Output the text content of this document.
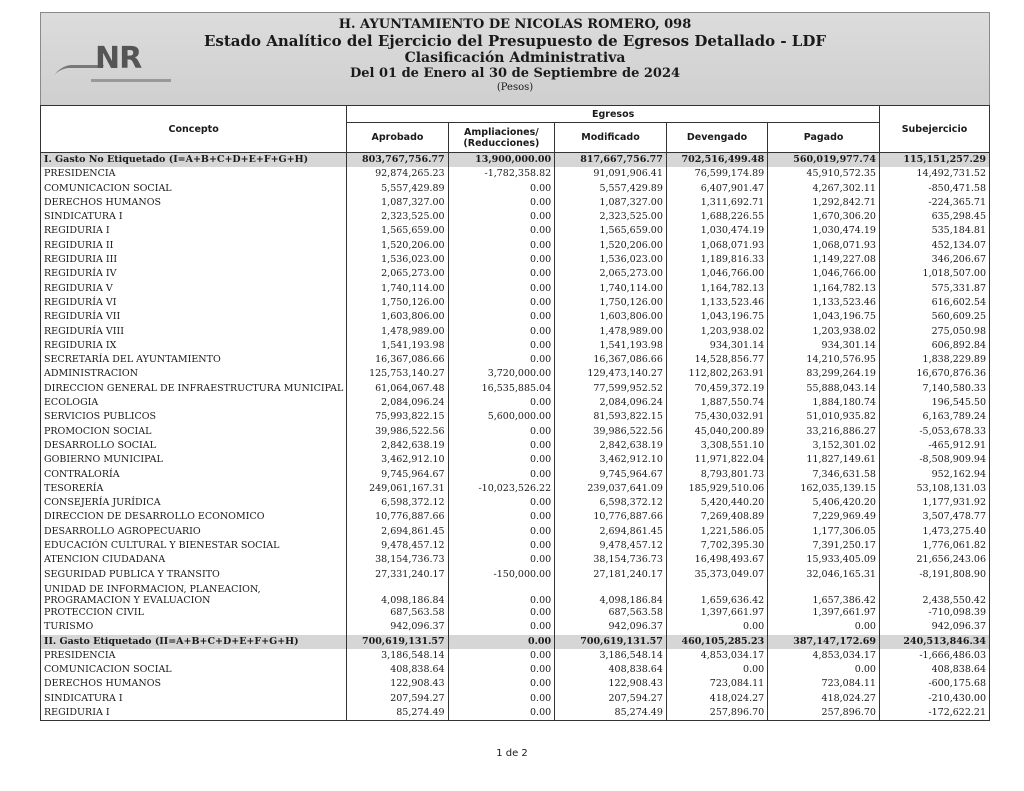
NR
H. AYUNTAMIENTO DE NICOLAS ROMERO, 098
Estado Analítico del Ejercicio del Presupuesto de Egresos Detallado - LDF
Clasificación Administrativa
Del 01 de Enero al 30 de Septiembre de 2024
(Pesos)
Concepto	Egresos					Subejercicio
	Aprobado	Ampliaciones/ (Reducciones)	Modificado	Devengado	Pagado	
I. Gasto No Etiquetado (I=A+B+C+D+E+F+G+H)	803,767,756.77	13,900,000.00	817,667,756.77	702,516,499.48	560,019,977.74	115,151,257.29
PRESIDENCIA	92,874,265.23	-1,782,358.82	91,091,906.41	76,599,174.89	45,910,572.35	14,492,731.52
COMUNICACION SOCIAL	5,557,429.89	0.00	5,557,429.89	6,407,901.47	4,267,302.11	-850,471.58
DERECHOS HUMANOS	1,087,327.00	0.00	1,087,327.00	1,311,692.71	1,292,842.71	-224,365.71
SINDICATURA I	2,323,525.00	0.00	2,323,525.00	1,688,226.55	1,670,306.20	635,298.45
REGIDURIA I	1,565,659.00	0.00	1,565,659.00	1,030,474.19	1,030,474.19	535,184.81
REGIDURIA II	1,520,206.00	0.00	1,520,206.00	1,068,071.93	1,068,071.93	452,134.07
REGIDURIA III	1,536,023.00	0.00	1,536,023.00	1,189,816.33	1,149,227.08	346,206.67
REGIDURÍA IV	2,065,273.00	0.00	2,065,273.00	1,046,766.00	1,046,766.00	1,018,507.00
REGIDURIA V	1,740,114.00	0.00	1,740,114.00	1,164,782.13	1,164,782.13	575,331.87
REGIDURÍA VI	1,750,126.00	0.00	1,750,126.00	1,133,523.46	1,133,523.46	616,602.54
REGIDURÍA VII	1,603,806.00	0.00	1,603,806.00	1,043,196.75	1,043,196.75	560,609.25
REGIDURÍA VIII	1,478,989.00	0.00	1,478,989.00	1,203,938.02	1,203,938.02	275,050.98
REGIDURIA IX	1,541,193.98	0.00	1,541,193.98	934,301.14	934,301.14	606,892.84
SECRETARÍA DEL AYUNTAMIENTO	16,367,086.66	0.00	16,367,086.66	14,528,856.77	14,210,576.95	1,838,229.89
ADMINISTRACION	125,753,140.27	3,720,000.00	129,473,140.27	112,802,263.91	83,299,264.19	16,670,876.36
DIRECCION GENERAL DE INFRAESTRUCTURA MUNICIPAL	61,064,067.48	16,535,885.04	77,599,952.52	70,459,372.19	55,888,043.14	7,140,580.33
ECOLOGIA	2,084,096.24	0.00	2,084,096.24	1,887,550.74	1,884,180.74	196,545.50
SERVICIOS PUBLICOS	75,993,822.15	5,600,000.00	81,593,822.15	75,430,032.91	51,010,935.82	6,163,789.24
PROMOCION SOCIAL	39,986,522.56	0.00	39,986,522.56	45,040,200.89	33,216,886.27	-5,053,678.33
DESARROLLO SOCIAL	2,842,638.19	0.00	2,842,638.19	3,308,551.10	3,152,301.02	-465,912.91
GOBIERNO MUNICIPAL	3,462,912.10	0.00	3,462,912.10	11,971,822.04	11,827,149.61	-8,508,909.94
CONTRALORÍA	9,745,964.67	0.00	9,745,964.67	8,793,801.73	7,346,631.58	952,162.94
TESORERÍA	249,061,167.31	-10,023,526.22	239,037,641.09	185,929,510.06	162,035,139.15	53,108,131.03
CONSEJERÍA JURÍDICA	6,598,372.12	0.00	6,598,372.12	5,420,440.20	5,406,420.20	1,177,931.92
DIRECCION DE DESARROLLO ECONOMICO	10,776,887.66	0.00	10,776,887.66	7,269,408.89	7,229,969.49	3,507,478.77
DESARROLLO AGROPECUARIO	2,694,861.45	0.00	2,694,861.45	1,221,586.05	1,177,306.05	1,473,275.40
EDUCACIÓN CULTURAL Y BIENESTAR SOCIAL	9,478,457.12	0.00	9,478,457.12	7,702,395.30	7,391,250.17	1,776,061.82
ATENCION CIUDADANA	38,154,736.73	0.00	38,154,736.73	16,498,493.67	15,933,405.09	21,656,243.06
SEGURIDAD PUBLICA Y TRANSITO	27,331,240.17	-150,000.00	27,181,240.17	35,373,049.07	32,046,165.31	-8,191,808.90
UNIDAD DE INFORMACION, PLANEACION, PROGRAMACION Y EVALUACION	4,098,186.84	0.00	4,098,186.84	1,659,636.42	1,657,386.42	2,438,550.42
PROTECCION CIVIL	687,563.58	0.00	687,563.58	1,397,661.97	1,397,661.97	-710,098.39
TURISMO	942,096.37	0.00	942,096.37	0.00	0.00	942,096.37
II. Gasto Etiquetado (II=A+B+C+D+E+F+G+H)	700,619,131.57	0.00	700,619,131.57	460,105,285.23	387,147,172.69	240,513,846.34
PRESIDENCIA	3,186,548.14	0.00	3,186,548.14	4,853,034.17	4,853,034.17	-1,666,486.03
COMUNICACION SOCIAL	408,838.64	0.00	408,838.64	0.00	0.00	408,838.64
DERECHOS HUMANOS	122,908.43	0.00	122,908.43	723,084.11	723,084.11	-600,175.68
SINDICATURA I	207,594.27	0.00	207,594.27	418,024.27	418,024.27	-210,430.00
REGIDURIA I	85,274.49	0.00	85,274.49	257,896.70	257,896.70	-172,622.21
1 de 2
